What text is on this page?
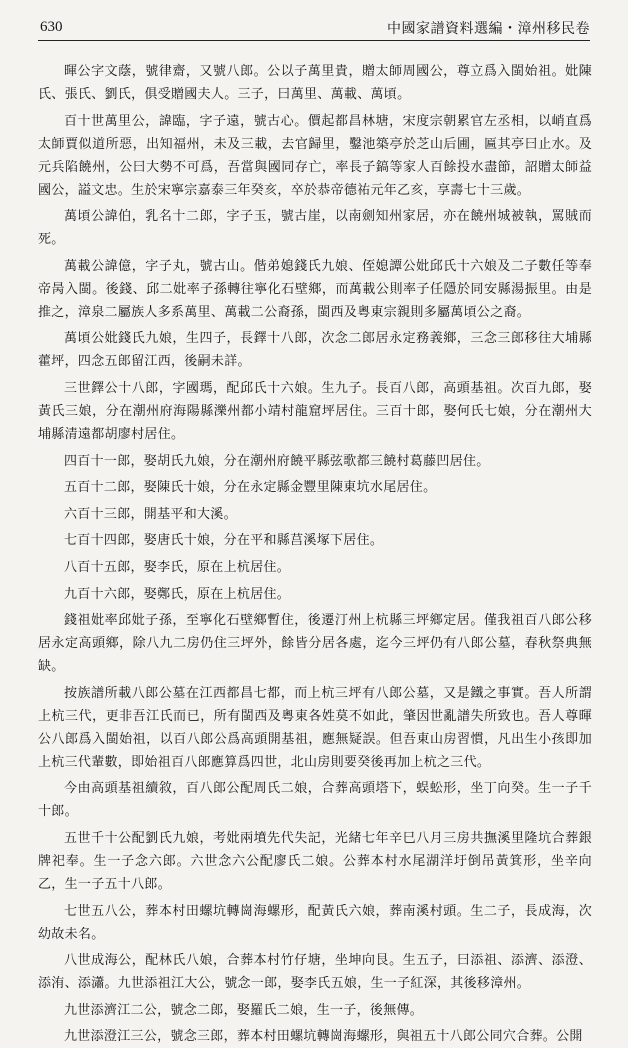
630	中國家譜資料選編・漳州移民卷

暉公字文蔭，號律齋，又號八郎。公以子萬里貴，贈太師周國公，尊立爲入閩始祖。妣陳氏、張氏、劉氏，俱受贈國夫人。三子，曰萬里、萬載、萬頃。

百十世萬里公，諱臨，字子遠，號古心。價起都昌林塘，宋度宗朝累官左丞相，以峭直爲太師賈似道所惡，出知福州，未及三載，去官歸里，鑿池築亭於芝山后圃，匾其亭曰止水。及元兵陷饒州，公曰大勢不可爲，吾當與國同存亡，率長子鎬等家人百餘投水盡節，詔贈太師益國公，謚文忠。生於宋寧宗嘉泰三年癸亥，卒於恭帝德祐元年乙亥，享壽七十三歲。

萬頃公諱伯，乳名十二郎，字子玉，號古崖，以南劍知州家居，亦在饒州城被執，罵賊而死。

萬載公諱億，字子丸，號古山。偕弟媳錢氏九娘、侄媳譚公妣邱氏十六娘及二子數任等奉帝昺入閩。後錢、邱二妣率子孫轉往寧化石壁鄉，而萬載公則率子任隱於同安縣湯振里。由是推之，漳泉二屬族人多系萬里、萬載二公裔孫，閩西及粵東宗親則多屬萬頃公之裔。

萬頃公妣錢氏九娘，生四子，長鐸十八郎，次念二郎居永定務義鄉，三念三郎移往大埔縣藿坪，四念五郎留江西，後嗣未詳。

三世鐸公十八郎，字國瑪，配邱氏十六娘。生九子。長百八郎，高頭基祖。次百九郎，娶黃氏三娘，分在潮州府海陽縣濼州都小靖村龍窟坪居住。三百十郎，娶何氏七娘，分在潮州大埔縣清遠都胡廖村居住。

四百十一郎，娶胡氏九娘，分在潮州府饒平縣弦歌都三饒村葛藤凹居住。

五百十二郎，娶陳氏十娘，分在永定縣金豐里陳東坑水尾居住。

六百十三郎，開基平和大溪。

七百十四郎，娶唐氏十娘，分在平和縣莒溪塚下居住。

八百十五郎，娶李氏，原在上杭居住。

九百十六郎，娶鄭氏，原在上杭居住。

錢祖妣率邱妣子孫，至寧化石壁鄉暫住，後遷汀州上杭縣三坪鄉定居。僅我祖百八郎公移居永定高頭鄉，除八九二房仍住三坪外，餘皆分居各處，迄今三坪仍有八郎公墓，春秋祭典無缺。

按族譜所載八郎公墓在江西都昌七都，而上杭三坪有八郎公墓，又是鐵之事實。吾人所謂上杭三代，更非吾江氏而已，所有閩西及粵東各姓莫不如此，肇因世亂譜失所致也。吾人尊暉公八郎爲入閩始祖，以百八郎公爲高頭開基祖，應無疑誤。但吾東山房習慣，凡出生小孩即加上杭三代輩數，即始祖百八郎應算爲四世，北山房則要癸後再加上杭之三代。

今由高頭基祖續敘，百八郎公配周氏二娘，合葬高頭塔下，蜈蚣形，坐丁向癸。生一子千十郎。

五世千十公配劉氏九娘，考妣兩墳先代失記，光緒七年辛巳八月三房共撫溪里隆坑合葬銀牌祀奉。生一子念六郎。六世念六公配廖氏二娘。公葬本村水尾湖洋圩倒吊黃箕形，坐辛向乙，生一子五十八郎。

七世五八公，葬本村田螺坑轉崗海螺形，配黃氏六娘，葬南溪村頭。生二子，長成海，次幼故未名。

八世成海公，配林氏八娘，合葬本村竹仔塘，坐坤向艮。生五子，曰添祖、添濟、添澄、添洧、添瀟。九世添祖江大公，號念一郎，娶李氏五娘，生一子紅深，其後移漳州。

九世添濟江二公，號念二郎，娶羅氏二娘，生一子，後無傳。

九世添澄江三公，號念三郎，葬本村田螺坑轉崗海螺形，與祖五十八郎公同穴合葬。公開
